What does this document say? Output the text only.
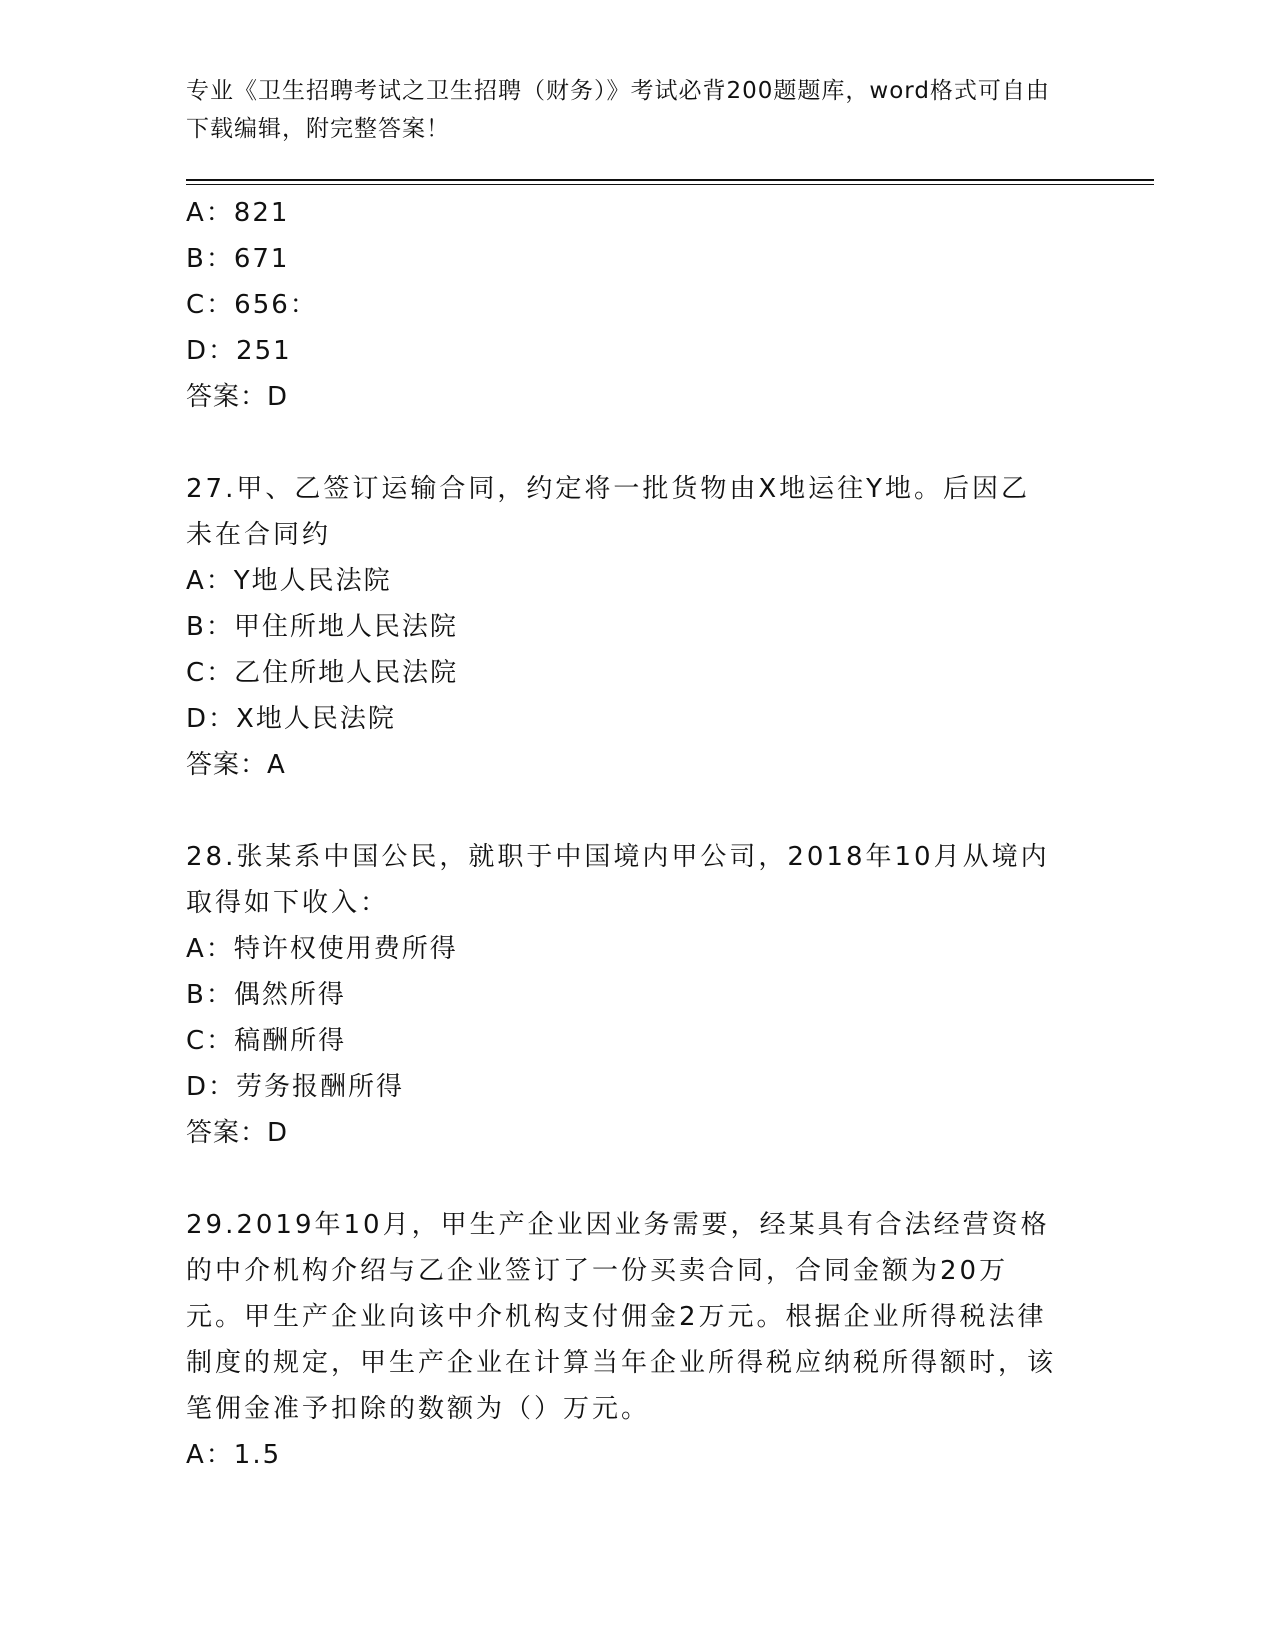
专业《卫生招聘考试之卫生招聘（财务）》考试必背200题题库，word格式可自由下载编辑，附完整答案！
A：821
B：671
C：656：
D：251
答案：D
27.甲、乙签订运输合同，约定将一批货物由X地运往Y地。后因乙未在合同约
A：Y地人民法院
B：甲住所地人民法院
C：乙住所地人民法院
D：X地人民法院
答案：A
28.张某系中国公民，就职于中国境内甲公司，2018年10月从境内取得如下收入：
A：特许权使用费所得
B：偶然所得
C：稿酬所得
D：劳务报酬所得
答案：D
29.2019年10月，甲生产企业因业务需要，经某具有合法经营资格的中介机构介绍与乙企业签订了一份买卖合同，合同金额为20万元。甲生产企业向该中介机构支付佣金2万元。根据企业所得税法律制度的规定，甲生产企业在计算当年企业所得税应纳税所得额时，该笔佣金准予扣除的数额为（）万元。
A：1.5
